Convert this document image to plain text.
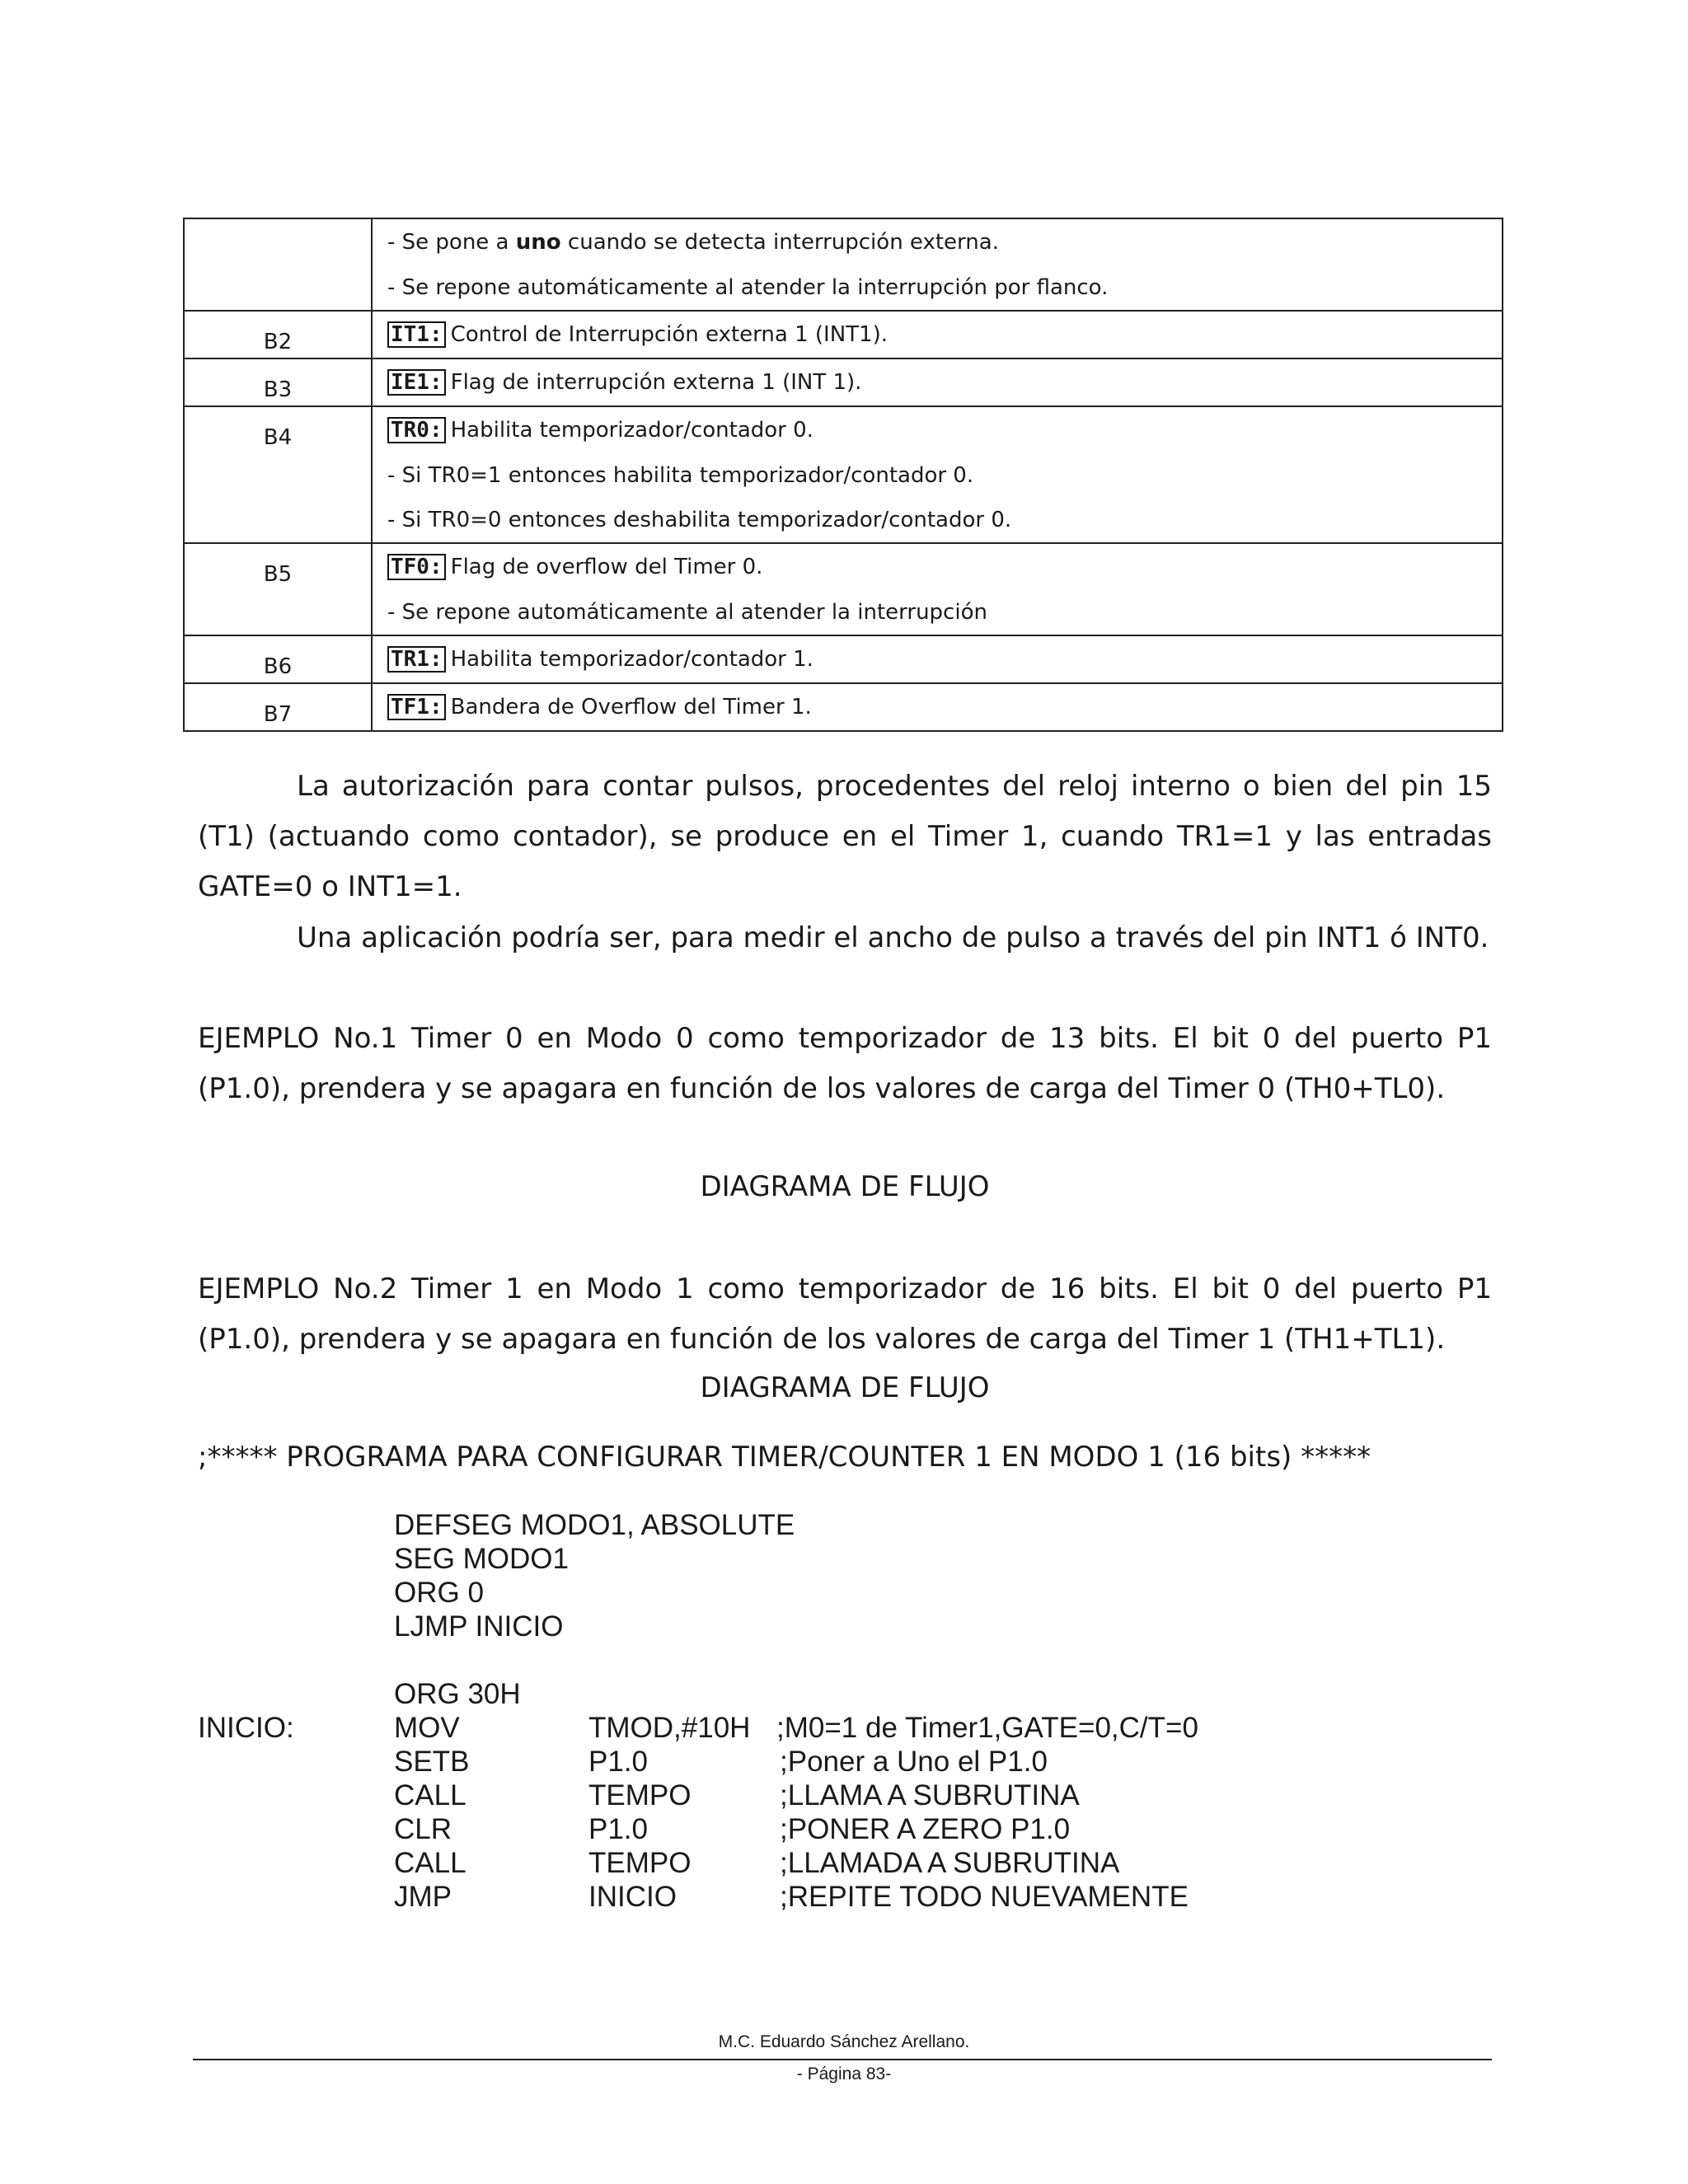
	- Se pone a uno cuando se detecta interrupción externa.
- Se repone automáticamente al atender la interrupción por flanco.

B2	IT1: Control de Interrupción externa 1 (INT1).

B3	IE1: Flag de interrupción externa 1 (INT 1).

B4	TR0: Habilita temporizador/contador 0.
- Si TR0=1 entonces habilita temporizador/contador 0.
- Si TR0=0 entonces deshabilita temporizador/contador 0.

B5	TF0: Flag de overflow del Timer 0.
- Se repone automáticamente al atender la interrupción

B6	TR1: Habilita temporizador/contador 1.

B7	TF1: Bandera de Overflow del Timer 1.
La autorización para contar pulsos, procedentes del reloj interno o bien del pin 15 (T1) (actuando como contador), se produce en el Timer 1, cuando TR1=1 y las entradas GATE=0 o INT1=1.
Una aplicación podría ser, para medir el ancho de pulso a través del pin INT1 ó INT0.
EJEMPLO No.1 Timer 0 en Modo 0 como temporizador de 13 bits. El bit 0 del puerto P1 (P1.0), prendera y se apagara en función de los valores de carga del Timer 0 (TH0+TL0).
DIAGRAMA DE FLUJO
EJEMPLO No.2 Timer 1 en Modo 1 como temporizador de 16 bits. El bit 0 del puerto P1 (P1.0), prendera y se apagara en función de los valores de carga del Timer 1 (TH1+TL1).
DIAGRAMA DE FLUJO
;***** PROGRAMA PARA CONFIGURAR TIMER/COUNTER 1 EN MODO 1 (16 bits) *****
DEFSEG MODO1, ABSOLUTE
SEG MODO1
ORG 0
LJMP INICIO
ORG 30H
INICIO:	MOV	TMOD,#10H ;M0=1 de Timer1,GATE=0,C/T=0
SETB	P1.0	;Poner a Uno el P1.0
CALL	TEMPO	;LLAMA A SUBRUTINA
CLR	P1.0	;PONER A ZERO P1.0
CALL	TEMPO	;LLAMADA A SUBRUTINA
JMP	INICIO	;REPITE TODO NUEVAMENTE
M.C. Eduardo Sánchez Arellano.
- Página 83-
